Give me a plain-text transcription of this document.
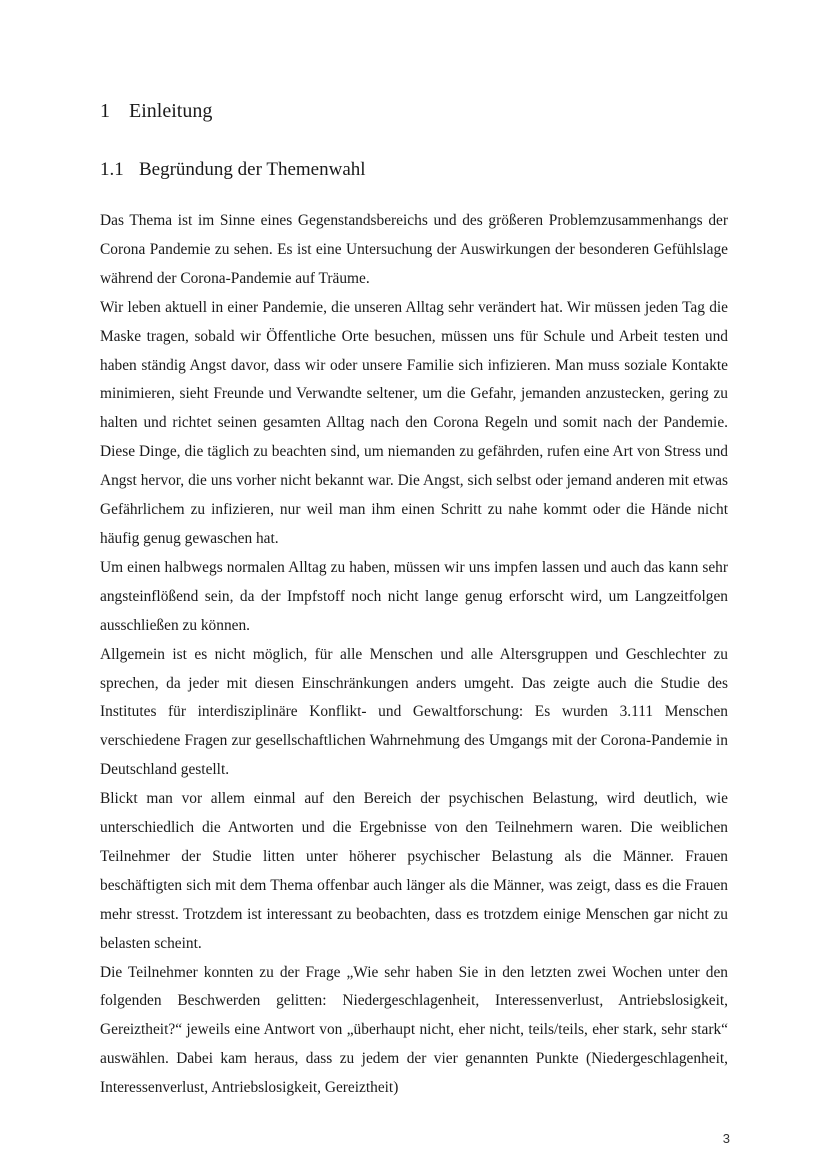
1 Einleitung
1.1 Begründung der Themenwahl

Das Thema ist im Sinne eines Gegenstandsbereichs und des größeren Problemzusammenhangs der Corona Pandemie zu sehen. Es ist eine Untersuchung der Auswirkungen der besonderen Gefühlslage während der Corona-Pandemie auf Träume.

Wir leben aktuell in einer Pandemie, die unseren Alltag sehr verändert hat. Wir müssen jeden Tag die Maske tragen, sobald wir Öffentliche Orte besuchen, müssen uns für Schule und Arbeit testen und haben ständig Angst davor, dass wir oder unsere Familie sich infizieren. Man muss soziale Kontakte minimieren, sieht Freunde und Verwandte seltener, um die Gefahr, jemanden anzustecken, gering zu halten und richtet seinen gesamten Alltag nach den Corona Regeln und somit nach der Pandemie. Diese Dinge, die täglich zu beachten sind, um niemanden zu gefährden, rufen eine Art von Stress und Angst hervor, die uns vorher nicht bekannt war. Die Angst, sich selbst oder jemand anderen mit etwas Gefährlichem zu infizieren, nur weil man ihm einen Schritt zu nahe kommt oder die Hände nicht häufig genug gewaschen hat.

Um einen halbwegs normalen Alltag zu haben, müssen wir uns impfen lassen und auch das kann sehr angsteinflößend sein, da der Impfstoff noch nicht lange genug erforscht wird, um Langzeitfolgen ausschließen zu können.

Allgemein ist es nicht möglich, für alle Menschen und alle Altersgruppen und Geschlechter zu sprechen, da jeder mit diesen Einschränkungen anders umgeht. Das zeigte auch die Studie des Institutes für interdisziplinäre Konflikt- und Gewaltforschung: Es wurden 3.111 Menschen verschiedene Fragen zur gesellschaftlichen Wahrnehmung des Umgangs mit der Corona-Pandemie in Deutschland gestellt.

Blickt man vor allem einmal auf den Bereich der psychischen Belastung, wird deutlich, wie unterschiedlich die Antworten und die Ergebnisse von den Teilnehmern waren. Die weiblichen Teilnehmer der Studie litten unter höherer psychischer Belastung als die Männer. Frauen beschäftigten sich mit dem Thema offenbar auch länger als die Männer, was zeigt, dass es die Frauen mehr stresst. Trotzdem ist interessant zu beobachten, dass es trotzdem einige Menschen gar nicht zu belasten scheint.

Die Teilnehmer konnten zu der Frage „Wie sehr haben Sie in den letzten zwei Wochen unter den folgenden Beschwerden gelitten: Niedergeschlagenheit, Interessenverlust, Antriebslosigkeit, Gereiztheit?“ jeweils eine Antwort von „überhaupt nicht, eher nicht, teils/teils, eher stark, sehr stark“ auswählen. Dabei kam heraus, dass zu jedem der vier genannten Punkte (Niedergeschlagenheit, Interessenverlust, Antriebslosigkeit, Gereiztheit)

3
